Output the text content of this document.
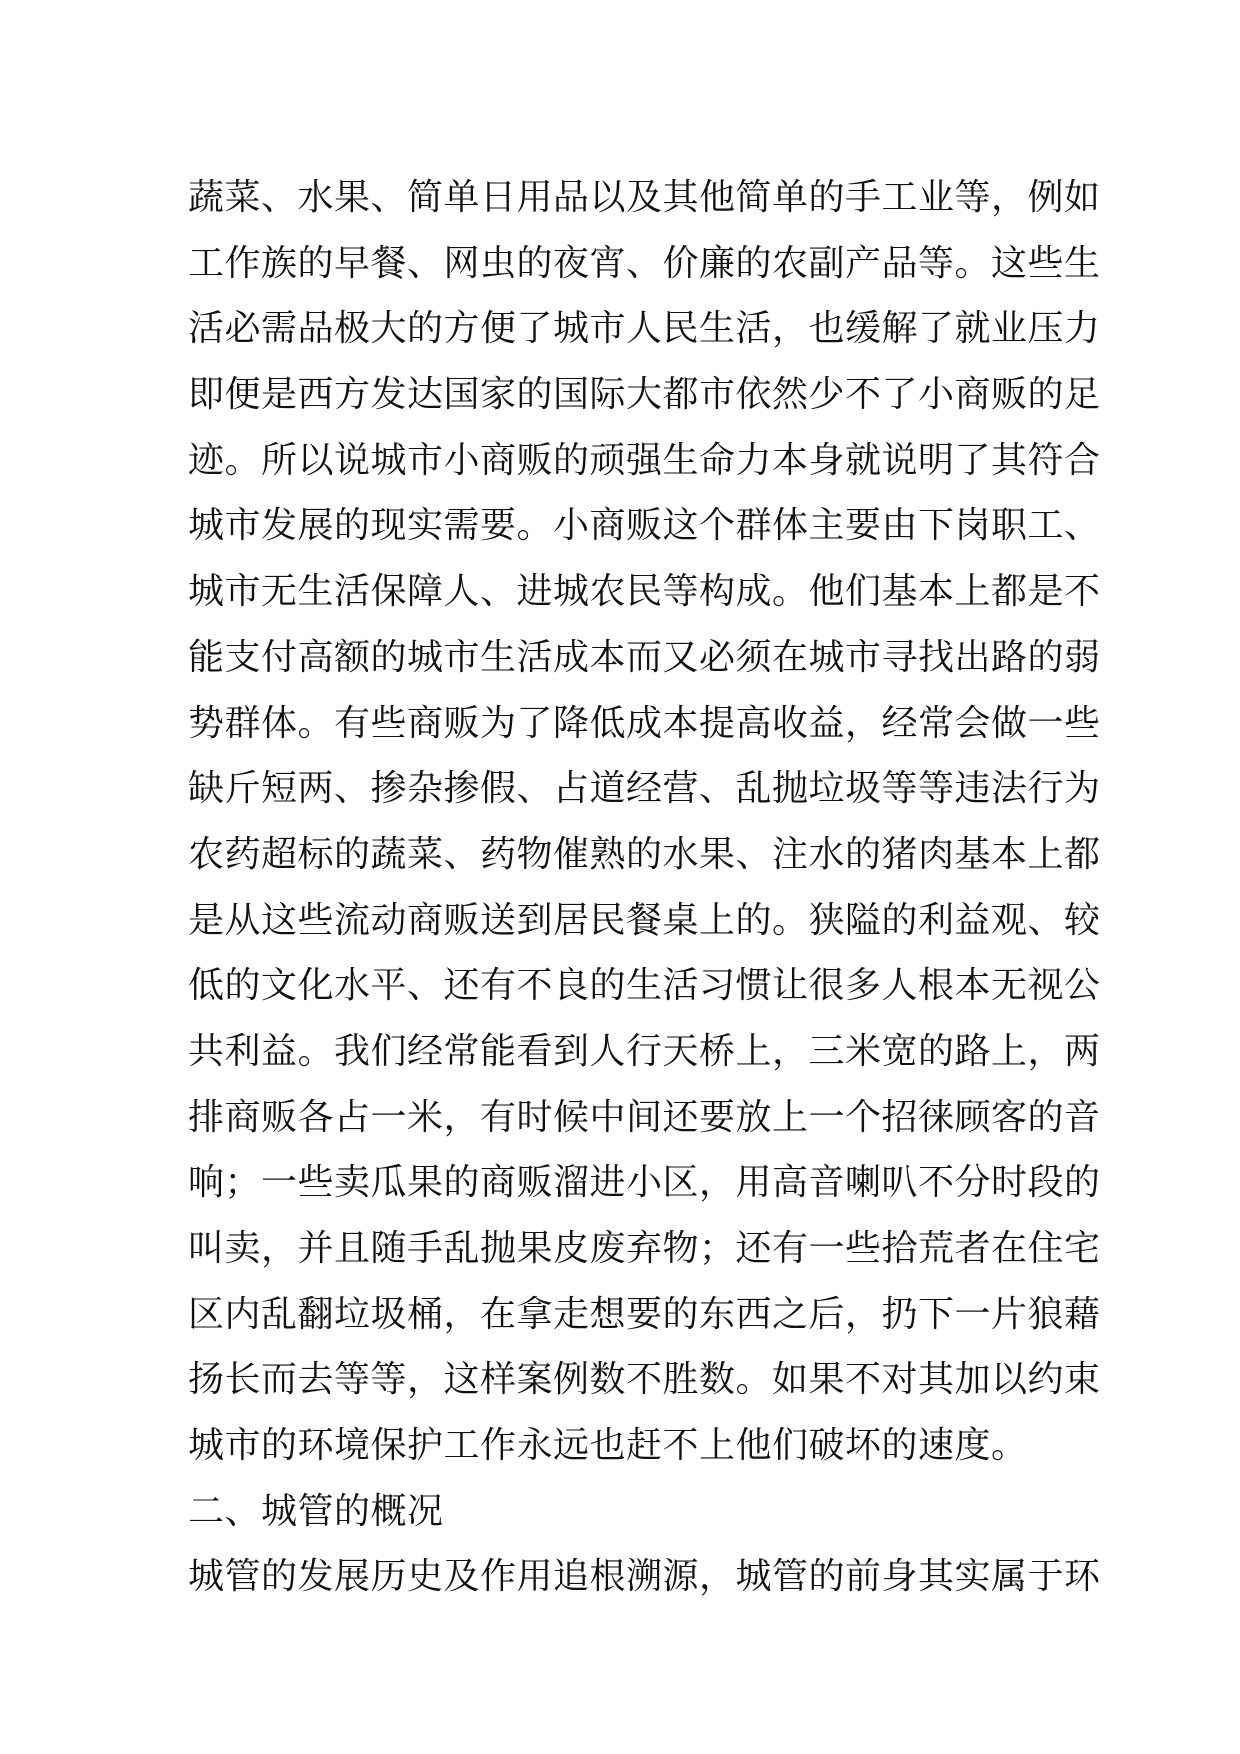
蔬菜、水果、简单日用品以及其他简单的手工业等，例如
工作族的早餐、网虫的夜宵、价廉的农副产品等。这些生
活必需品极大的方便了城市人民生活，也缓解了就业压力
即便是西方发达国家的国际大都市依然少不了小商贩的足
迹。所以说城市小商贩的顽强生命力本身就说明了其符合
城市发展的现实需要。小商贩这个群体主要由下岗职工、
城市无生活保障人、进城农民等构成。他们基本上都是不
能支付高额的城市生活成本而又必须在城市寻找出路的弱
势群体。有些商贩为了降低成本提高收益，经常会做一些
缺斤短两、掺杂掺假、占道经营、乱抛垃圾等等违法行为
农药超标的蔬菜、药物催熟的水果、注水的猪肉基本上都
是从这些流动商贩送到居民餐桌上的。狭隘的利益观、较
低的文化水平、还有不良的生活习惯让很多人根本无视公
共利益。我们经常能看到人行天桥上，三米宽的路上，两
排商贩各占一米，有时候中间还要放上一个招徕顾客的音
响；一些卖瓜果的商贩溜进小区，用高音喇叭不分时段的
叫卖，并且随手乱抛果皮废弃物；还有一些拾荒者在住宅
区内乱翻垃圾桶，在拿走想要的东西之后，扔下一片狼藉
扬长而去等等，这样案例数不胜数。如果不对其加以约束
城市的环境保护工作永远也赶不上他们破坏的速度。
二、城管的概况
城管的发展历史及作用追根溯源，城管的前身其实属于环
